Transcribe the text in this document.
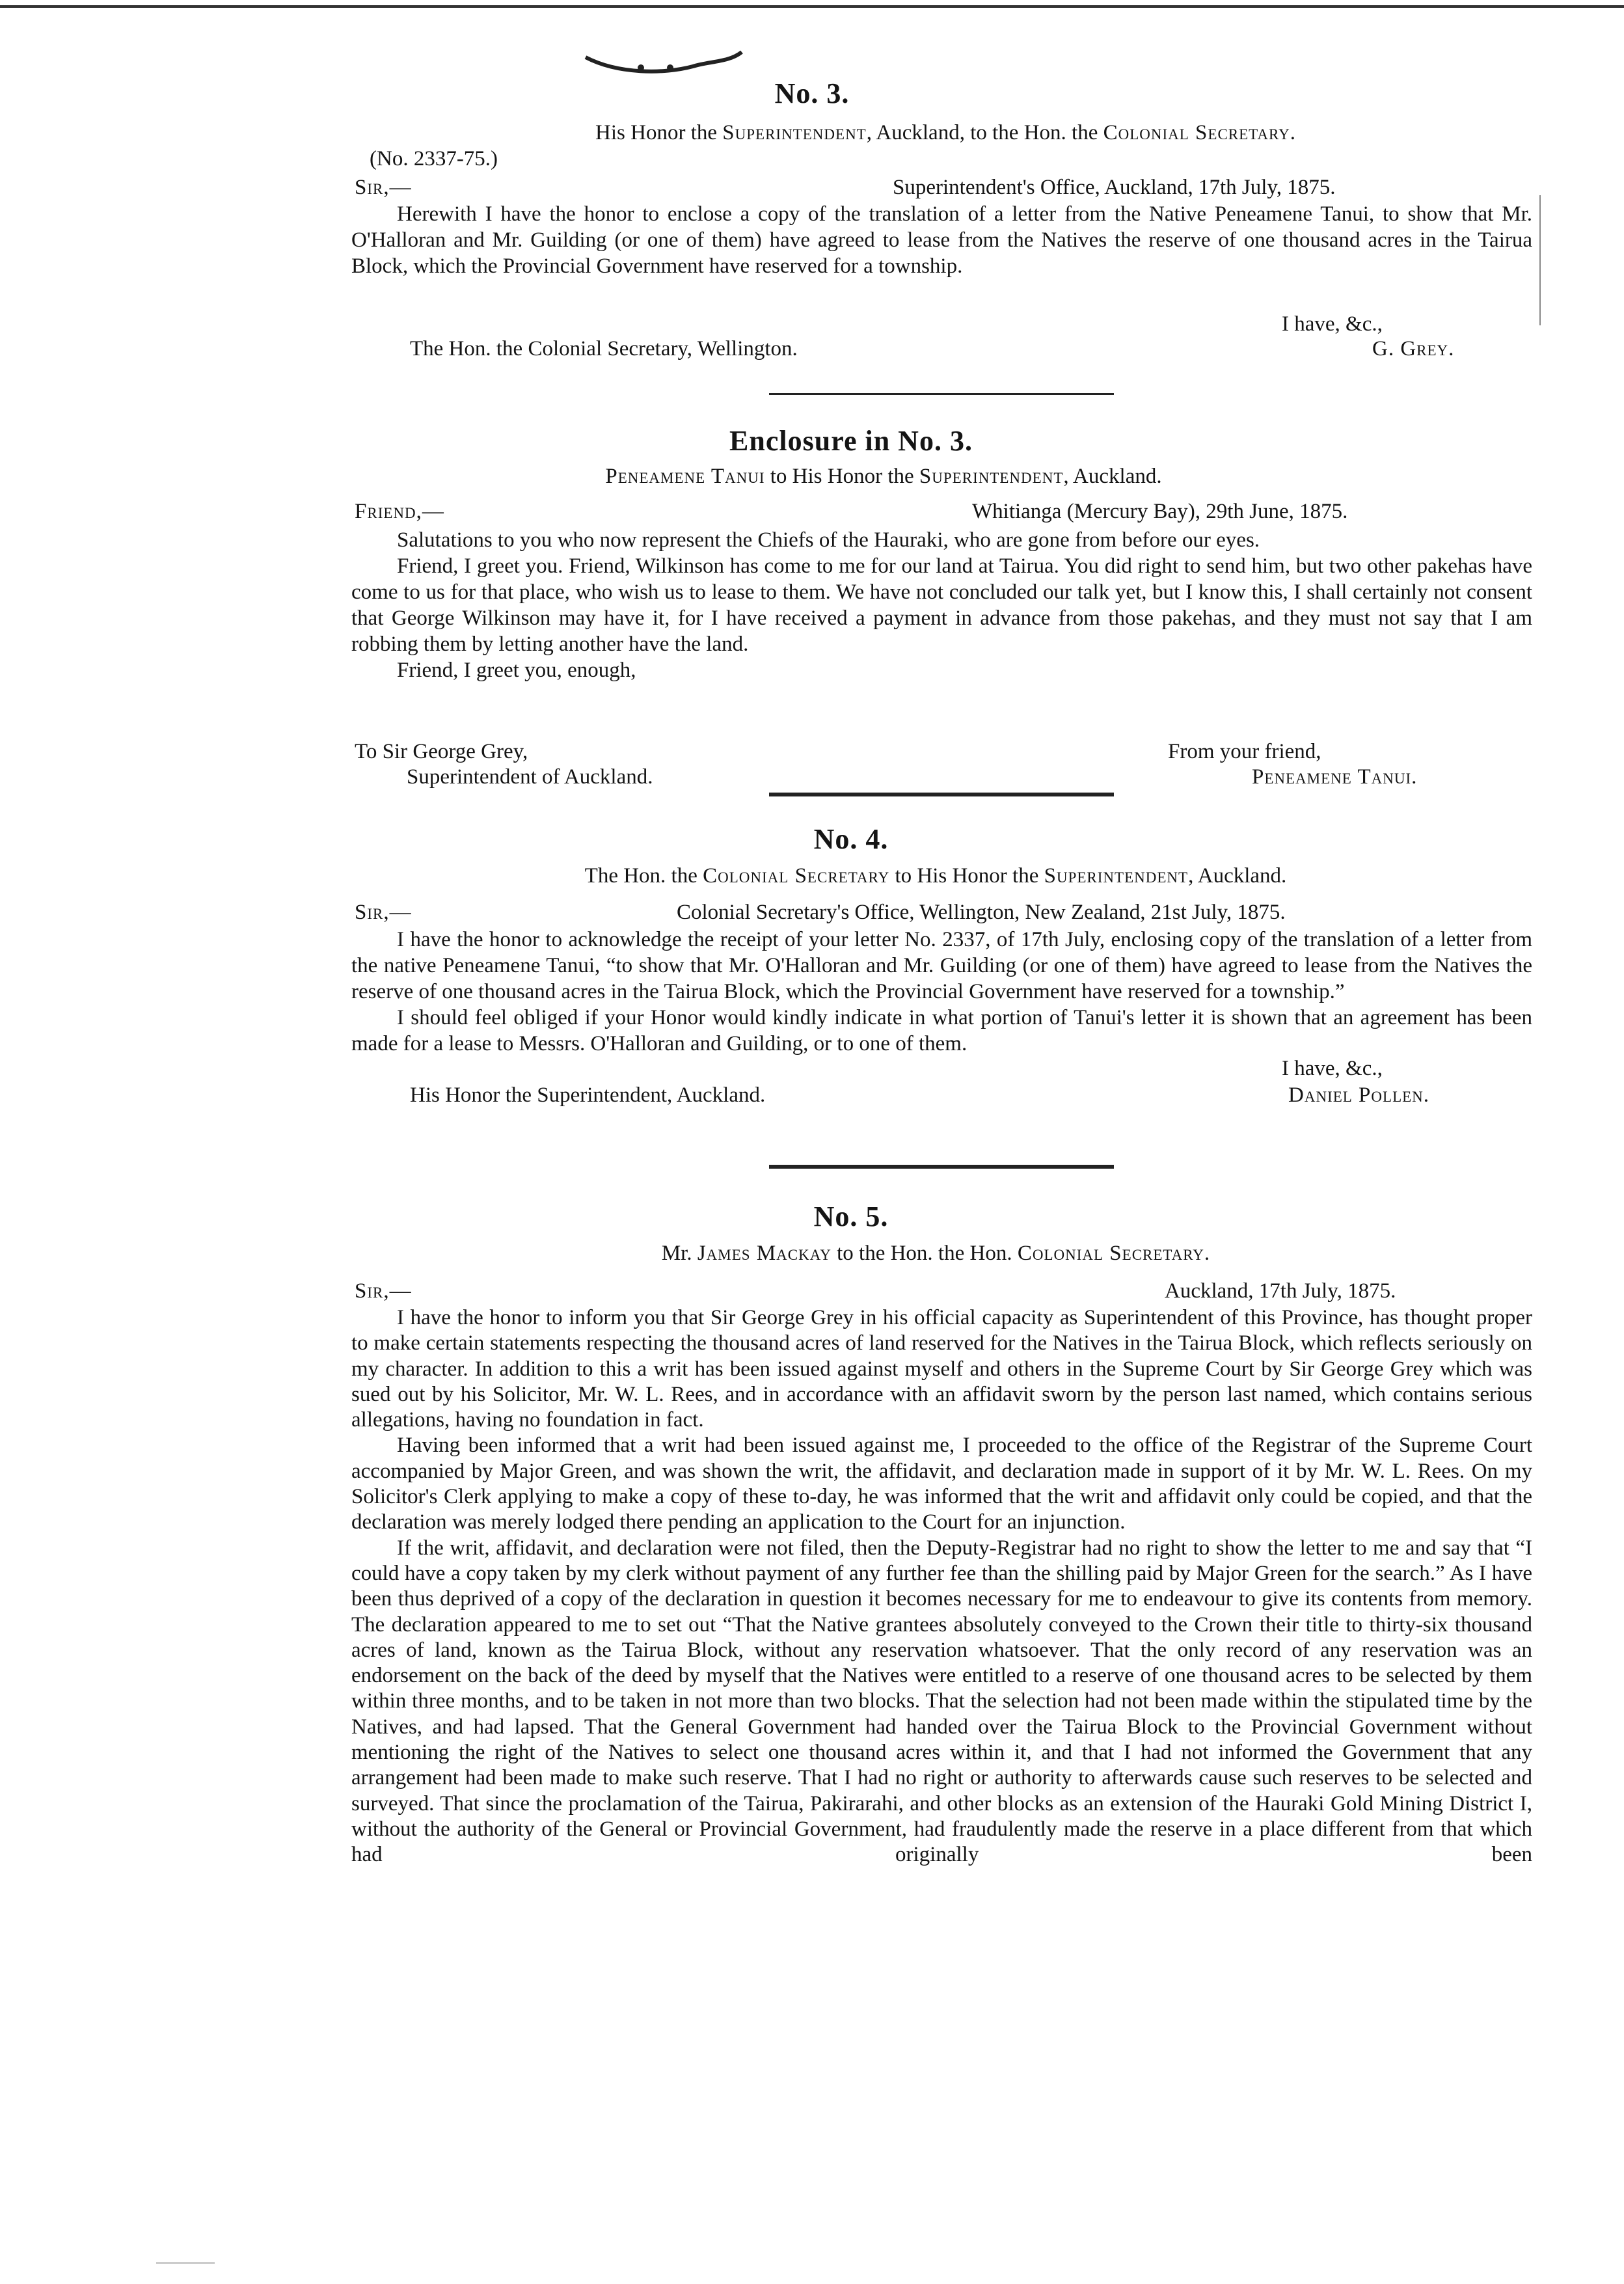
No. 3.
His Honor the Superintendent, Auckland, to the Hon. the Colonial Secretary.
(No. 2337-75.)
Sir,—	Superintendent's Office, Auckland, 17th July, 1875.

Herewith I have the honor to enclose a copy of the translation of a letter from the Native Peneamene Tanui, to show that Mr. O'Halloran and Mr. Guilding (or one of them) have agreed to lease from the Natives the reserve of one thousand acres in the Tairua Block, which the Provincial Government have reserved for a township.

I have, &c.,
The Hon. the Colonial Secretary, Wellington.	G. Grey.
Enclosure in No. 3.
Peneamene Tanui to His Honor the Superintendent, Auckland.
Friend,—	Whitianga (Mercury Bay), 29th June, 1875.

Salutations to you who now represent the Chiefs of the Hauraki, who are gone from before our eyes.

Friend, I greet you. Friend, Wilkinson has come to me for our land at Tairua. You did right to send him, but two other pakehas have come to us for that place, who wish us to lease to them. We have not concluded our talk yet, but I know this, I shall certainly not consent that George Wilkinson may have it, for I have received a payment in advance from those pakehas, and they must not say that I am robbing them by letting another have the land.

Friend, I greet you, enough,

To Sir George Grey,	From your friend,
Superintendent of Auckland.	Peneamene Tanui.
No. 4.
The Hon. the Colonial Secretary to His Honor the Superintendent, Auckland.
Sir,—	Colonial Secretary's Office, Wellington, New Zealand, 21st July, 1875.

I have the honor to acknowledge the receipt of your letter No. 2337, of 17th July, enclosing copy of the translation of a letter from the native Peneamene Tanui, “to show that Mr. O'Halloran and Mr. Guilding (or one of them) have agreed to lease from the Natives the reserve of one thousand acres in the Tairua Block, which the Provincial Government have reserved for a township.”

I should feel obliged if your Honor would kindly indicate in what portion of Tanui's letter it is shown that an agreement has been made for a lease to Messrs. O'Halloran and Guilding, or to one of them.

I have, &c.,
His Honor the Superintendent, Auckland.	Daniel Pollen.
No. 5.
Mr. James Mackay to the Hon. the Hon. Colonial Secretary.
Sir,—	Auckland, 17th July, 1875.

I have the honor to inform you that Sir George Grey in his official capacity as Superintendent of this Province, has thought proper to make certain statements respecting the thousand acres of land reserved for the Natives in the Tairua Block, which reflects seriously on my character. In addition to this a writ has been issued against myself and others in the Supreme Court by Sir George Grey which was sued out by his Solicitor, Mr. W. L. Rees, and in accordance with an affidavit sworn by the person last named, which contains serious allegations, having no foundation in fact.

Having been informed that a writ had been issued against me, I proceeded to the office of the Registrar of the Supreme Court accompanied by Major Green, and was shown the writ, the affidavit, and declaration made in support of it by Mr. W. L. Rees. On my Solicitor's Clerk applying to make a copy of these to-day, he was informed that the writ and affidavit only could be copied, and that the declaration was merely lodged there pending an application to the Court for an injunction.

If the writ, affidavit, and declaration were not filed, then the Deputy-Registrar had no right to show the letter to me and say that “I could have a copy taken by my clerk without payment of any further fee than the shilling paid by Major Green for the search.” As I have been thus deprived of a copy of the declaration in question it becomes necessary for me to endeavour to give its contents from memory. The declaration appeared to me to set out “That the Native grantees absolutely conveyed to the Crown their title to thirty-six thousand acres of land, known as the Tairua Block, without any reservation whatsoever. That the only record of any reservation was an endorsement on the back of the deed by myself that the Natives were entitled to a reserve of one thousand acres to be selected by them within three months, and to be taken in not more than two blocks. That the selection had not been made within the stipulated time by the Natives, and had lapsed. That the General Government had handed over the Tairua Block to the Provincial Government without mentioning the right of the Natives to select one thousand acres within it, and that I had not informed the Government that any arrangement had been made to make such reserve. That I had no right or authority to afterwards cause such reserves to be selected and surveyed. That since the proclamation of the Tairua, Pakirarahi, and other blocks as an extension of the Hauraki Gold Mining District I, without the authority of the General or Provincial Government, had fraudulently made the reserve in a place different from that which had originally been
